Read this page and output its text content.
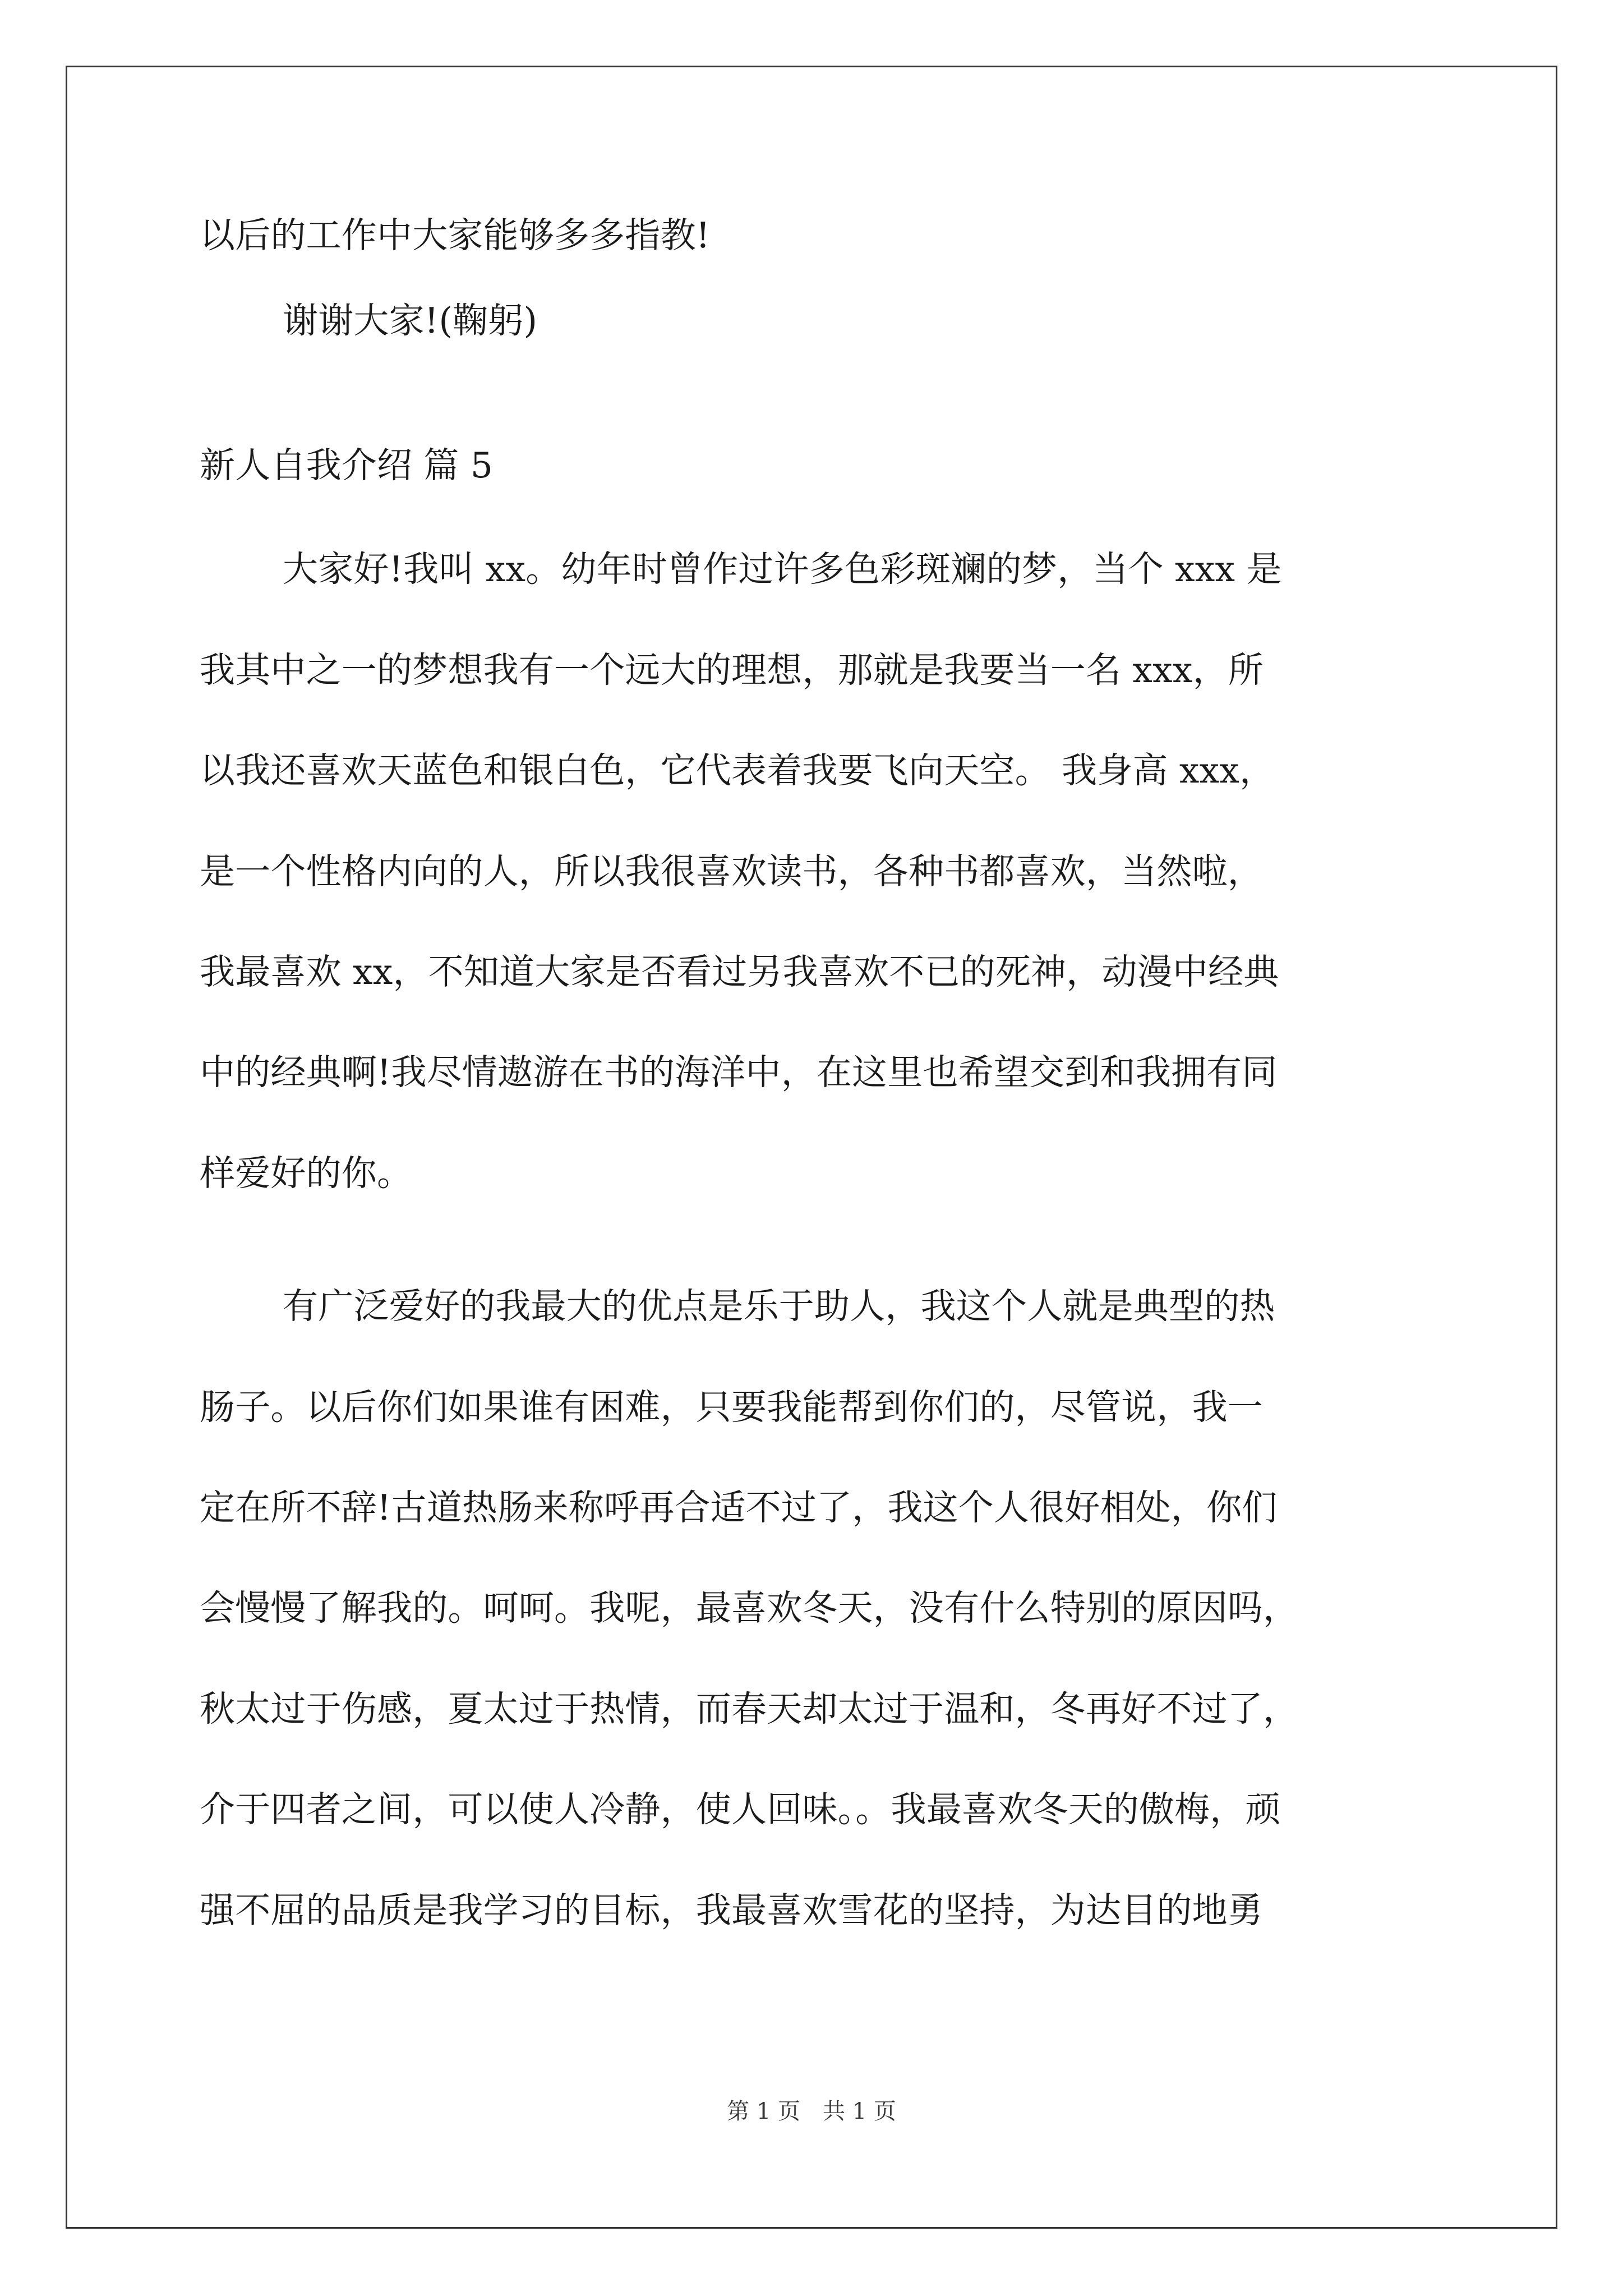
以后的工作中大家能够多多指教!
谢谢大家!(鞠躬)
新人自我介绍 篇 5
大家好!我叫 xx。幼年时曾作过许多色彩斑斓的梦，当个 xxx 是
我其中之一的梦想我有一个远大的理想，那就是我要当一名 xxx，所
以我还喜欢天蓝色和银白色，它代表着我要飞向天空。 我身高 xxx，
是一个性格内向的人，所以我很喜欢读书，各种书都喜欢，当然啦，
我最喜欢 xx，不知道大家是否看过另我喜欢不已的死神，动漫中经典
中的经典啊!我尽情遨游在书的海洋中，在这里也希望交到和我拥有同
样爱好的你。
有广泛爱好的我最大的优点是乐于助人，我这个人就是典型的热
肠子。以后你们如果谁有困难，只要我能帮到你们的，尽管说，我一
定在所不辞!古道热肠来称呼再合适不过了，我这个人很好相处，你们
会慢慢了解我的。呵呵。我呢，最喜欢冬天，没有什么特别的原因吗，
秋太过于伤感，夏太过于热情，而春天却太过于温和，冬再好不过了，
介于四者之间，可以使人冷静，使人回味。。我最喜欢冬天的傲梅，顽
强不屈的品质是我学习的目标，我最喜欢雪花的坚持，为达目的地勇
第 1 页　共 1 页
